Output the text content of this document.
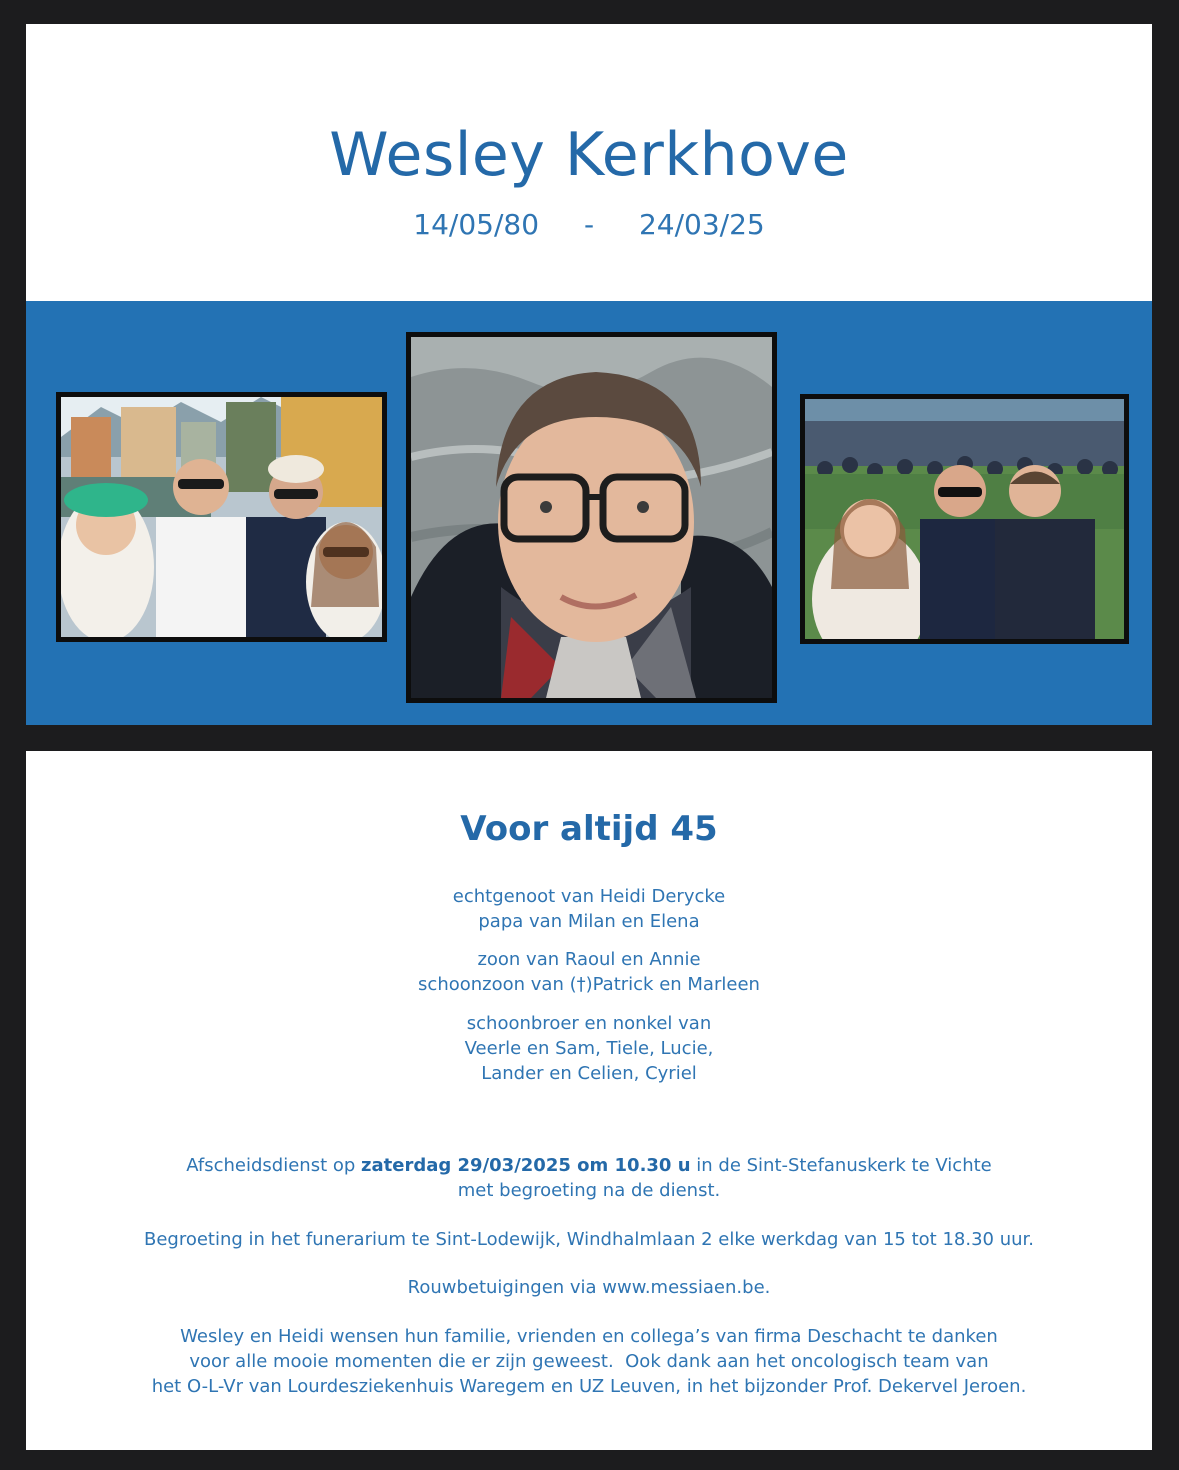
Wesley Kerkhove
14/05/80 - 24/03/25
Voor altijd 45
echtgenoot van Heidi Derycke
papa van Milan en Elena
zoon van Raoul en Annie
schoonzoon van (†)Patrick en Marleen
schoonbroer en nonkel van
Veerle en Sam, Tiele, Lucie,
Lander en Celien, Cyriel
Afscheidsdienst op zaterdag 29/03/2025 om 10.30 u in de Sint-Stefanuskerk te Vichte
met begroeting na de dienst.
Begroeting in het funerarium te Sint-Lodewijk, Windhalmlaan 2 elke werkdag van 15 tot 18.30 uur.
Rouwbetuigingen via www.messiaen.be.
Wesley en Heidi wensen hun familie, vrienden en collega’s van firma Deschacht te danken
voor alle mooie momenten die er zijn geweest.  Ook dank aan het oncologisch team van
het O-L-Vr van Lourdesziekenhuis Waregem en UZ Leuven, in het bijzonder Prof. Dekervel Jeroen.
